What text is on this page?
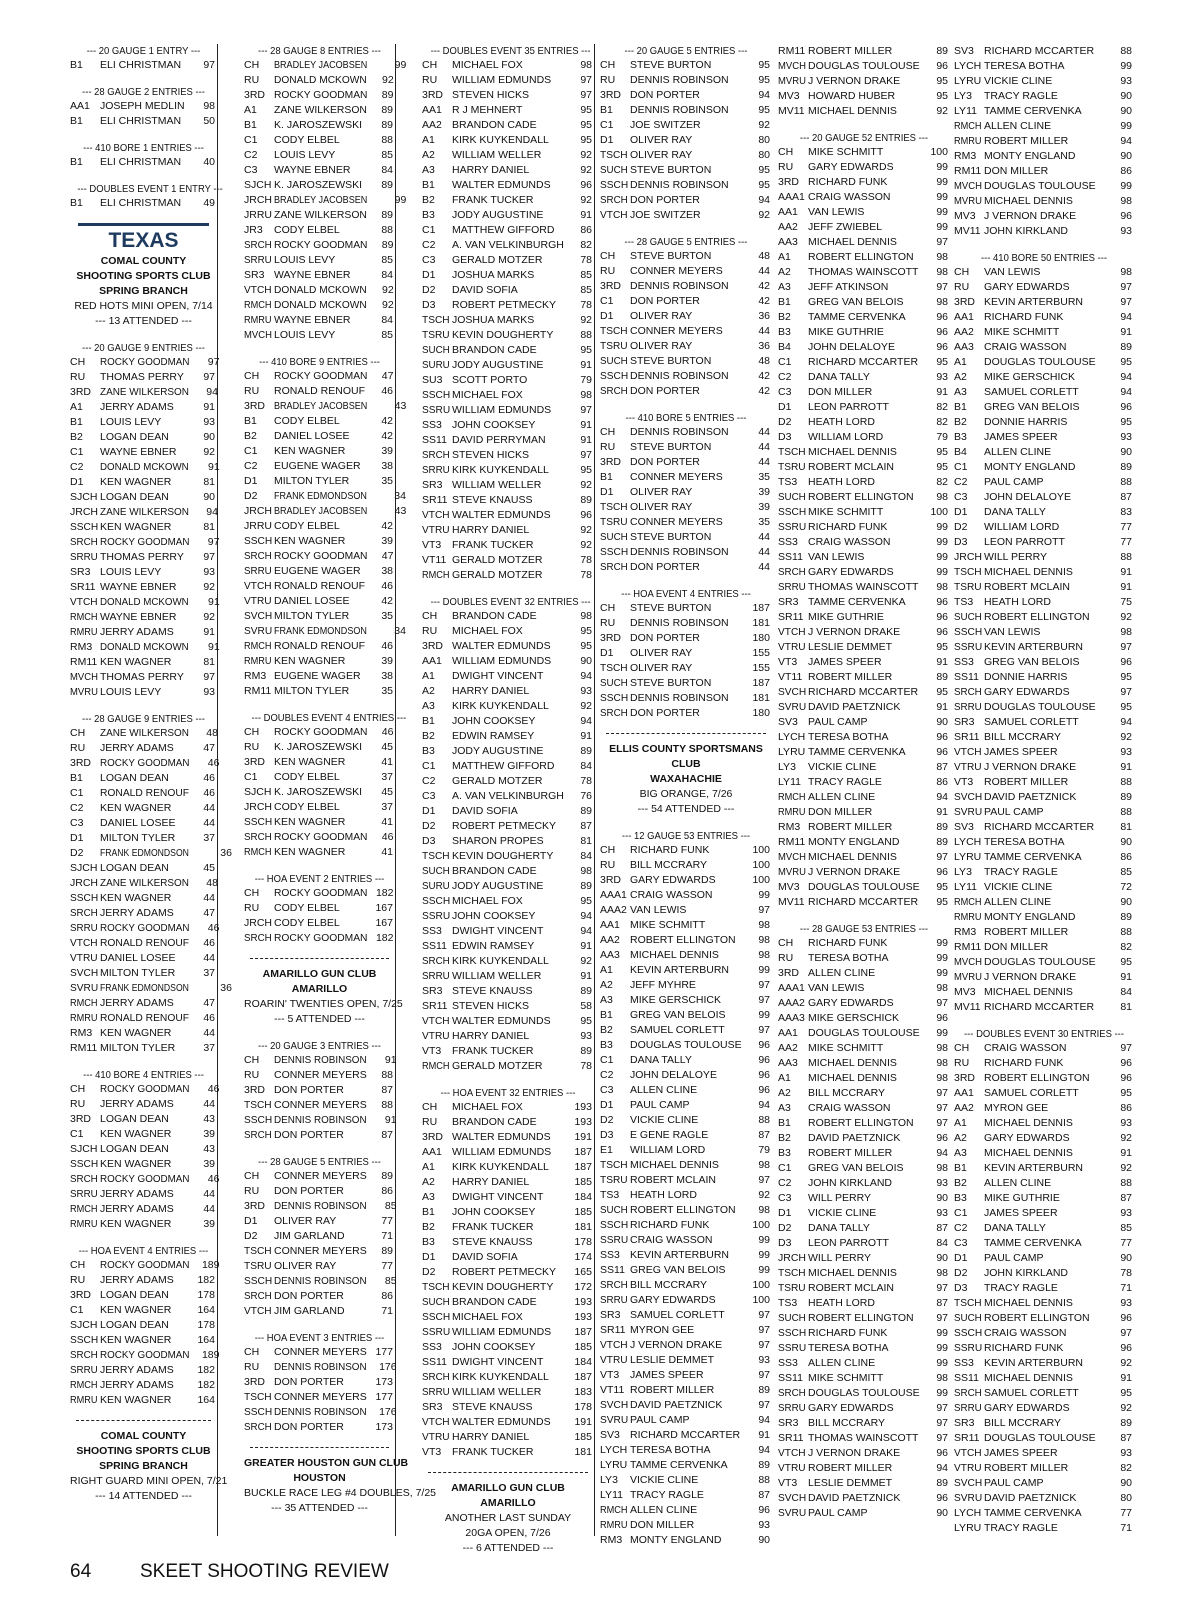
--- 20 GAUGE 1 ENTRY ---
B1	ELI CHRISTMAN	97
--- 28 GAUGE 2 ENTRIES ---
AA1 JOSEPH MEDLIN	98
B1	ELI CHRISTMAN	50
--- 410 BORE 1 ENTRIES ---
B1	ELI CHRISTMAN	40
--- DOUBLES EVENT 1 ENTRY ---
B1	ELI CHRISTMAN	49
TEXAS
COMAL COUNTY
SHOOTING SPORTS CLUB
SPRING BRANCH
RED HOTS MINI OPEN, 7/14
--- 13 ATTENDED ---
--- 20 GAUGE 9 ENTRIES ---
CH	ROCKY GOODMAN	97
RU	THOMAS PERRY	97
3RD ZANE WILKERSON	94
A1	JERRY ADAMS	91
B1	LOUIS LEVY	93
B2	LOGAN DEAN	90
C1	WAYNE EBNER	92
C2	DONALD MCKOWN	91
D1	KEN WAGNER	81
SJCH LOGAN DEAN	90
JRCH ZANE WILKERSON	94
SSCH KEN WAGNER	81
SRCH ROCKY GOODMAN	97
SRRU THOMAS PERRY	97
SR3 LOUIS LEVY	93
SR11 WAYNE EBNER	92
VTCH DONALD MCKOWN	91
RMCH WAYNE EBNER	92
RMRU JERRY ADAMS	91
RM3 DONALD MCKOWN	91
RM11 KEN WAGNER	81
MVCH THOMAS PERRY	97
MVRU LOUIS LEVY	93
--- 28 GAUGE 9 ENTRIES ---
CH	ZANE WILKERSON	48
RU	JERRY ADAMS	47
3RD ROCKY GOODMAN	46
B1	LOGAN DEAN	46
C1	RONALD RENOUF	46
C2	KEN WAGNER	44
C3	DANIEL LOSEE	44
D1	MILTON TYLER	37
D2	FRANK EDMONDSON	36
SJCH LOGAN DEAN	45
JRCH ZANE WILKERSON	48
SSCH KEN WAGNER	44
SRCH JERRY ADAMS	47
SRRU ROCKY GOODMAN	46
VTCH RONALD RENOUF	46
VTRU DANIEL LOSEE	44
SVCH MILTON TYLER	37
SVRU FRANK EDMONDSON	36
RMCH JERRY ADAMS	47
RMRU RONALD RENOUF	46
RM3 KEN WAGNER	44
RM11 MILTON TYLER	37
--- 410 BORE 4 ENTRIES ---
CH	ROCKY GOODMAN	46
RU	JERRY ADAMS	44
3RD LOGAN DEAN	43
C1	KEN WAGNER	39
SJCH LOGAN DEAN	43
SSCH KEN WAGNER	39
SRCH ROCKY GOODMAN	46
SRRU JERRY ADAMS	44
RMCH JERRY ADAMS	44
RMRU KEN WAGNER	39
--- HOA EVENT 4 ENTRIES ---
CH	ROCKY GOODMAN	189
RU	JERRY ADAMS	182
3RD LOGAN DEAN	178
C1	KEN WAGNER	164
SJCH LOGAN DEAN	178
SSCH KEN WAGNER	164
SRCH ROCKY GOODMAN	189
SRRU JERRY ADAMS	182
RMCH JERRY ADAMS	182
RMRU KEN WAGNER	164
COMAL COUNTY
SHOOTING SPORTS CLUB
SPRING BRANCH
RIGHT GUARD MINI OPEN, 7/21
--- 14 ATTENDED ---
--- 28 GAUGE 8 ENTRIES ---
CH	BRADLEY JACOBSEN	99
RU	DONALD MCKOWN	92
3RD ROCKY GOODMAN	89
A1	ZANE WILKERSON	89
B1	K. JAROSZEWSKI	89
C1	CODY ELBEL	88
C2	LOUIS LEVY	85
C3	WAYNE EBNER	84
SJCH K. JAROSZEWSKI	89
JRCH BRADLEY JACOBSEN	99
JRRU ZANE WILKERSON	89
JR3	CODY ELBEL	88
SRCH ROCKY GOODMAN	89
SRRU LOUIS LEVY	85
SR3 WAYNE EBNER	84
VTCH DONALD MCKOWN	92
RMCH DONALD MCKOWN	92
RMRU WAYNE EBNER	84
MVCH LOUIS LEVY	85
--- 410 BORE 9 ENTRIES ---
CH	ROCKY GOODMAN	47
RU	RONALD RENOUF	46
3RD BRADLEY JACOBSEN	43
B1	CODY ELBEL	42
B2	DANIEL LOSEE	42
C1	KEN WAGNER	39
C2	EUGENE WAGER	38
D1	MILTON TYLER	35
D2	FRANK EDMONDSON	34
JRCH BRADLEY JACOBSEN	43
JRRU CODY ELBEL	42
SSCH KEN WAGNER	39
SRCH ROCKY GOODMAN	47
SRRU EUGENE WAGER	38
VTCH RONALD RENOUF	46
VTRU DANIEL LOSEE	42
SVCH MILTON TYLER	35
SVRU FRANK EDMONDSON	34
RMCH RONALD RENOUF	46
RMRU KEN WAGNER	39
RM3 EUGENE WAGER	38
RM11 MILTON TYLER	35
--- DOUBLES EVENT 4 ENTRIES ---
CH	ROCKY GOODMAN	46
RU	K. JAROSZEWSKI	45
3RD KEN WAGNER	41
C1	CODY ELBEL	37
SJCH K. JAROSZEWSKI	45
JRCH CODY ELBEL	37
SSCH KEN WAGNER	41
SRCH ROCKY GOODMAN	46
RMCH KEN WAGNER	41
--- HOA EVENT 2 ENTRIES ---
CH	ROCKY GOODMAN 182
RU	CODY ELBEL	167
JRCH CODY ELBEL	167
SRCH ROCKY GOODMAN 182
AMARILLO GUN CLUB
AMARILLO
ROARIN' TWENTIES OPEN, 7/25
--- 5 ATTENDED ---
--- 20 GAUGE 3 ENTRIES ---
CH	DENNIS ROBINSON	91
RU	CONNER MEYERS	88
3RD DON PORTER	87
TSCH CONNER MEYERS	88
SSCH DENNIS ROBINSON	91
SRCH DON PORTER	87
--- 28 GAUGE 5 ENTRIES ---
CH	CONNER MEYERS	89
RU	DON PORTER	86
3RD DENNIS ROBINSON	85
D1	OLIVER RAY	77
D2	JIM GARLAND	71
TSCH CONNER MEYERS	89
TSRU OLIVER RAY	77
SSCH DENNIS ROBINSON	85
SRCH DON PORTER	86
VTCH JIM GARLAND	71
--- HOA EVENT 3 ENTRIES ---
CH	CONNER MEYERS 177
RU	DENNIS ROBINSON	176
3RD DON PORTER	173
TSCH CONNER MEYERS 177
SSCH DENNIS ROBINSON	176
SRCH DON PORTER	173
GREATER HOUSTON GUN CLUB
HOUSTON
BUCKLE RACE LEG #4 DOUBLES, 7/25
--- 35 ATTENDED ---
--- DOUBLES EVENT 35 ENTRIES ---
CH	MICHAEL FOX	98
RU	WILLIAM EDMUNDS	97
3RD STEVEN HICKS	97
AA1 R J MEHNERT	95
AA2 BRANDON CADE	95
A1	KIRK KUYKENDALL	95
A2	WILLIAM WELLER	92
A3	HARRY DANIEL	92
B1	WALTER EDMUNDS	96
B2	FRANK TUCKER	92
B3	JODY AUGUSTINE	91
C1	MATTHEW GIFFORD	86
C2	A. VAN VELKINBURGH	82
C3	GERALD MOTZER	78
D1	JOSHUA MARKS	85
D2	DAVID SOFIA	85
D3	ROBERT PETMECKY	78
TSCH JOSHUA MARKS	92
TSRU KEVIN DOUGHERTY	88
SUCH BRANDON CADE	95
SURU JODY AUGUSTINE	91
SU3 SCOTT PORTO	79
SSCH MICHAEL FOX	98
SSRU WILLIAM EDMUNDS	97
SS3 JOHN COOKSEY	91
SS11 DAVID PERRYMAN	91
SRCH STEVEN HICKS	97
SRRU KIRK KUYKENDALL	95
SR3 WILLIAM WELLER	92
SR11 STEVE KNAUSS	89
VTCH WALTER EDMUNDS	96
VTRU HARRY DANIEL	92
VT3	FRANK TUCKER	92
VT11 GERALD MOTZER	78
RMCH GERALD MOTZER	78
--- DOUBLES EVENT 32 ENTRIES ---
CH	BRANDON CADE	98
RU	MICHAEL FOX	95
3RD WALTER EDMUNDS	95
AA1 WILLIAM EDMUNDS	90
A1	DWIGHT VINCENT	94
A2	HARRY DANIEL	93
A3	KIRK KUYKENDALL	92
B1	JOHN COOKSEY	94
B2	EDWIN RAMSEY	91
B3	JODY AUGUSTINE	89
C1	MATTHEW GIFFORD	84
C2	GERALD MOTZER	78
C3	A. VAN VELKINBURGH	76
D1	DAVID SOFIA	89
D2	ROBERT PETMECKY	87
D3	SHARON PROPES	81
TSCH KEVIN DOUGHERTY	84
SUCH BRANDON CADE	98
SURU JODY AUGUSTINE	89
SSCH MICHAEL FOX	95
SSRU JOHN COOKSEY	94
SS3 DWIGHT VINCENT	94
SS11 EDWIN RAMSEY	91
SRCH KIRK KUYKENDALL	92
SRRU WILLIAM WELLER	91
SR3 STEVE KNAUSS	89
SR11 STEVEN HICKS	58
VTCH WALTER EDMUNDS	95
VTRU HARRY DANIEL	93
VT3	FRANK TUCKER	89
RMCH GERALD MOTZER	78
--- HOA EVENT 32 ENTRIES ---
CH	MICHAEL FOX	193
RU	BRANDON CADE	193
3RD WALTER EDMUNDS	191
AA1 WILLIAM EDMUNDS	187
A1	KIRK KUYKENDALL	187
A2	HARRY DANIEL	185
A3	DWIGHT VINCENT	184
B1	JOHN COOKSEY	185
B2	FRANK TUCKER	181
B3	STEVE KNAUSS	178
D1	DAVID SOFIA	174
D2	ROBERT PETMECKY	165
TSCH KEVIN DOUGHERTY	172
SUCH BRANDON CADE	193
SSCH MICHAEL FOX	193
SSRU WILLIAM EDMUNDS	187
SS3 JOHN COOKSEY	185
SS11 DWIGHT VINCENT	184
SRCH KIRK KUYKENDALL	187
SRRU WILLIAM WELLER	183
SR3 STEVE KNAUSS	178
VTCH WALTER EDMUNDS	191
VTRU HARRY DANIEL	185
VT3	FRANK TUCKER	181
AMARILLO GUN CLUB
AMARILLO
ANOTHER LAST SUNDAY
20GA OPEN, 7/26
--- 6 ATTENDED ---
--- 20 GAUGE 5 ENTRIES ---
CH	STEVE BURTON	95
RU	DENNIS ROBINSON	95
3RD DON PORTER	94
B1	DENNIS ROBINSON	95
C1	JOE SWITZER	92
D1	OLIVER RAY	80
TSCH OLIVER RAY	80
SUCH STEVE BURTON	95
SSCH DENNIS ROBINSON	95
SRCH DON PORTER	94
VTCH JOE SWITZER	92
--- 28 GAUGE 5 ENTRIES ---
CH	STEVE BURTON	48
RU	CONNER MEYERS	44
3RD DENNIS ROBINSON	42
C1	DON PORTER	42
D1	OLIVER RAY	36
TSCH CONNER MEYERS	44
TSRU OLIVER RAY	36
SUCH STEVE BURTON	48
SSCH DENNIS ROBINSON	42
SRCH DON PORTER	42
--- 410 BORE 5 ENTRIES ---
CH	DENNIS ROBINSON	44
RU	STEVE BURTON	44
3RD DON PORTER	44
B1	CONNER MEYERS	35
D1	OLIVER RAY	39
TSCH OLIVER RAY	39
TSRU CONNER MEYERS	35
SUCH STEVE BURTON	44
SSCH DENNIS ROBINSON	44
SRCH DON PORTER	44
--- HOA EVENT 4 ENTRIES ---
CH	STEVE BURTON	187
RU	DENNIS ROBINSON	181
3RD DON PORTER	180
D1	OLIVER RAY	155
TSCH OLIVER RAY	155
SUCH STEVE BURTON	187
SSCH DENNIS ROBINSON	181
SRCH DON PORTER	180
ELLIS COUNTY SPORTSMANS
CLUB
WAXAHACHIE
BIG ORANGE, 7/26
--- 54 ATTENDED ---
--- 12 GAUGE 53 ENTRIES ---
CH	RICHARD FUNK	100
RU	BILL MCCRARY	100
3RD GARY EDWARDS	100
AAA1 CRAIG WASSON	99
AAA2 VAN LEWIS	97
AA1 MIKE SCHMITT	98
AA2 ROBERT ELLINGTON	98
AA3 MICHAEL DENNIS	98
A1	KEVIN ARTERBURN	99
A2	JEFF MYHRE	97
A3	MIKE GERSCHICK	97
B1	GREG VAN BELOIS	99
B2	SAMUEL CORLETT	97
B3	DOUGLAS TOULOUSE	96
C1	DANA TALLY	96
C2	JOHN DELALOYE	96
C3	ALLEN CLINE	96
D1	PAUL CAMP	94
D2	VICKIE CLINE	88
D3	E GENE RAGLE	87
E1	WILLIAM LORD	79
TSCH MICHAEL DENNIS	98
TSRU ROBERT MCLAIN	97
TS3	HEATH LORD	92
SUCH ROBERT ELLINGTON	98
SSCH RICHARD FUNK	100
SSRU CRAIG WASSON	99
SS3 KEVIN ARTERBURN	99
SS11 GREG VAN BELOIS	99
SRCH BILL MCCRARY	100
SRRU GARY EDWARDS	100
SR3 SAMUEL CORLETT	97
SR11 MYRON GEE	97
VTCH J VERNON DRAKE	97
VTRU LESLIE DEMMET	93
VT3	JAMES SPEER	97
VT11 ROBERT MILLER	89
SVCH DAVID PAETZNICK	97
SVRU PAUL CAMP	94
SV3 RICHARD MCCARTER	91
LYCH TERESA BOTHA	94
LYRU TAMME CERVENKA	89
LY3	VICKIE CLINE	88
LY11 TRACY RAGLE	87
RMCH ALLEN CLINE	96
RMRU DON MILLER	93
RM3 MONTY ENGLAND	90
RM11 ROBERT MILLER	89
MVCH DOUGLAS TOULOUSE	96
MVRU J VERNON DRAKE	95
MV3 HOWARD HUBER	95
MV11 MICHAEL DENNIS	92
--- 20 GAUGE 52 ENTRIES ---
CH	MIKE SCHMITT	100
RU	GARY EDWARDS	99
3RD RICHARD FUNK	99
AAA1 CRAIG WASSON	99
AA1 VAN LEWIS	99
AA2 JEFF ZWIEBEL	99
AA3 MICHAEL DENNIS	97
A1	ROBERT ELLINGTON	98
A2	THOMAS WAINSCOTT	98
A3	JEFF ATKINSON	97
B1	GREG VAN BELOIS	98
B2	TAMME CERVENKA	96
B3	MIKE GUTHRIE	96
B4	JOHN DELALOYE	96
C1	RICHARD MCCARTER	95
C2	DANA TALLY	93
C3	DON MILLER	91
D1	LEON PARROTT	82
D2	HEATH LORD	82
D3	WILLIAM LORD	79
TSCH MICHAEL DENNIS	95
TSRU ROBERT MCLAIN	95
TS3	HEATH LORD	82
SUCH ROBERT ELLINGTON	98
SSCH MIKE SCHMITT	100
SSRU RICHARD FUNK	99
SS3 CRAIG WASSON	99
SS11 VAN LEWIS	99
SRCH GARY EDWARDS	99
SRRU THOMAS WAINSCOTT	98
SR3 TAMME CERVENKA	96
SR11 MIKE GUTHRIE	96
VTCH J VERNON DRAKE	96
VTRU LESLIE DEMMET	95
VT3	JAMES SPEER	91
VT11 ROBERT MILLER	89
SVCH RICHARD MCCARTER	95
SVRU DAVID PAETZNICK	91
SV3 PAUL CAMP	90
LYCH TERESA BOTHA	96
LYRU TAMME CERVENKA	96
LY3	VICKIE CLINE	87
LY11 TRACY RAGLE	86
RMCH ALLEN CLINE	94
RMRU DON MILLER	91
RM3 ROBERT MILLER	89
RM11 MONTY ENGLAND	89
MVCH MICHAEL DENNIS	97
MVRU J VERNON DRAKE	96
MV3 DOUGLAS TOULOUSE	95
MV11 RICHARD MCCARTER	95
--- 28 GAUGE 53 ENTRIES ---
CH	RICHARD FUNK	99
RU	TERESA BOTHA	99
3RD ALLEN CLINE	99
AAA1 VAN LEWIS	98
AAA2 GARY EDWARDS	97
AAA3 MIKE GERSCHICK	96
AA1 DOUGLAS TOULOUSE	99
AA2 MIKE SCHMITT	98
AA3 MICHAEL DENNIS	98
A1	MICHAEL DENNIS	98
A2	BILL MCCRARY	97
A3	CRAIG WASSON	97
B1	ROBERT ELLINGTON	97
B2	DAVID PAETZNICK	96
B3	ROBERT MILLER	94
C1	GREG VAN BELOIS	98
C2	JOHN KIRKLAND	93
C3	WILL PERRY	90
D1	VICKIE CLINE	93
D2	DANA TALLY	87
D3	LEON PARROTT	84
JRCH WILL PERRY	90
TSCH MICHAEL DENNIS	98
TSRU ROBERT MCLAIN	97
TS3	HEATH LORD	87
SUCH ROBERT ELLINGTON	97
SSCH RICHARD FUNK	99
SSRU TERESA BOTHA	99
SS3 ALLEN CLINE	99
SS11 MIKE SCHMITT	98
SRCH DOUGLAS TOULOUSE	99
SRRU GARY EDWARDS	97
SR3 BILL MCCRARY	97
SR11 THOMAS WAINSCOTT	97
VTCH J VERNON DRAKE	96
VTRU ROBERT MILLER	94
VT3	LESLIE DEMMET	89
SVCH DAVID PAETZNICK	96
SVRU PAUL CAMP	90
SV3 RICHARD MCCARTER	88
LYCH TERESA BOTHA	99
LYRU VICKIE CLINE	93
LY3	TRACY RAGLE	90
LY11 TAMME CERVENKA	90
RMCH ALLEN CLINE	99
RMRU ROBERT MILLER	94
RM3 MONTY ENGLAND	90
RM11 DON MILLER	86
MVCH DOUGLAS TOULOUSE	99
MVRU MICHAEL DENNIS	98
MV3 J VERNON DRAKE	96
MV11 JOHN KIRKLAND	93
--- 410 BORE 50 ENTRIES ---
CH	VAN LEWIS	98
RU	GARY EDWARDS	97
3RD KEVIN ARTERBURN	97
AA1 RICHARD FUNK	94
AA2 MIKE SCHMITT	91
AA3 CRAIG WASSON	89
A1	DOUGLAS TOULOUSE	95
A2	MIKE GERSCHICK	94
A3	SAMUEL CORLETT	94
B1	GREG VAN BELOIS	96
B2	DONNIE HARRIS	95
B3	JAMES SPEER	93
B4	ALLEN CLINE	90
C1	MONTY ENGLAND	89
C2	PAUL CAMP	88
C3	JOHN DELALOYE	87
D1	DANA TALLY	83
D2	WILLIAM LORD	77
D3	LEON PARROTT	77
JRCH WILL PERRY	88
TSCH MICHAEL DENNIS	91
TSRU ROBERT MCLAIN	91
TS3	HEATH LORD	75
SUCH ROBERT ELLINGTON	92
SSCH VAN LEWIS	98
SSRU KEVIN ARTERBURN	97
SS3 GREG VAN BELOIS	96
SS11 DONNIE HARRIS	95
SRCH GARY EDWARDS	97
SRRU DOUGLAS TOULOUSE	95
SR3 SAMUEL CORLETT	94
SR11 BILL MCCRARY	92
VTCH JAMES SPEER	93
VTRU J VERNON DRAKE	91
VT3	ROBERT MILLER	88
SVCH DAVID PAETZNICK	89
SVRU PAUL CAMP	88
SV3 RICHARD MCCARTER	81
LYCH TERESA BOTHA	90
LYRU TAMME CERVENKA	86
LY3	TRACY RAGLE	85
LY11 VICKIE CLINE	72
RMCH ALLEN CLINE	90
RMRU MONTY ENGLAND	89
RM3 ROBERT MILLER	88
RM11 DON MILLER	82
MVCH DOUGLAS TOULOUSE	95
MVRU J VERNON DRAKE	91
MV3 MICHAEL DENNIS	84
MV11 RICHARD MCCARTER	81
--- DOUBLES EVENT 30 ENTRIES ---
CH	CRAIG WASSON	97
RU	RICHARD FUNK	96
3RD ROBERT ELLINGTON	96
AA1 SAMUEL CORLETT	95
AA2 MYRON GEE	86
A1	MICHAEL DENNIS	93
A2	GARY EDWARDS	92
A3	MICHAEL DENNIS	91
B1	KEVIN ARTERBURN	92
B2	ALLEN CLINE	88
B3	MIKE GUTHRIE	87
C1	JAMES SPEER	93
C2	DANA TALLY	85
C3	TAMME CERVENKA	77
D1	PAUL CAMP	90
D2	JOHN KIRKLAND	78
D3	TRACY RAGLE	71
TSCH MICHAEL DENNIS	93
SUCH ROBERT ELLINGTON	96
SSCH CRAIG WASSON	97
SSRU RICHARD FUNK	96
SS3 KEVIN ARTERBURN	92
SS11 MICHAEL DENNIS	91
SRCH SAMUEL CORLETT	95
SRRU GARY EDWARDS	92
SR3 BILL MCCRARY	89
SR11 DOUGLAS TOULOUSE	87
VTCH JAMES SPEER	93
VTRU ROBERT MILLER	82
SVCH PAUL CAMP	90
SVRU DAVID PAETZNICK	80
LYCH TAMME CERVENKA	77
LYRU TRACY RAGLE	71
64	SKEET SHOOTING REVIEW
